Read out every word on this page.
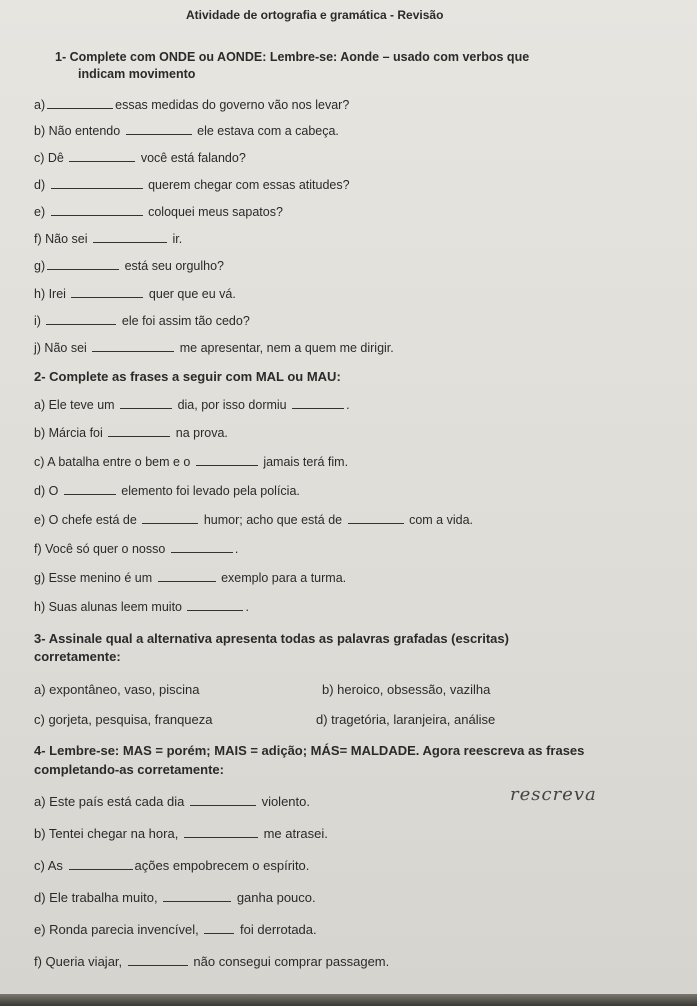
Atividade de ortografia e gramática - Revisão
1- Complete com ONDE ou AONDE: Lembre-se: Aonde – usado com verbos que
indicam movimento
a)	essas medidas do governo vão nos levar?
b) Não entendo	ele estava com a cabeça.
c) Dê	você está falando?
d)	querem chegar com essas atitudes?
e)	coloquei meus sapatos?
f) Não sei	ir.
g)	está seu orgulho?
h) Irei	quer que eu vá.
i)	ele foi assim tão cedo?
j) Não sei	me apresentar, nem a quem me dirigir.
2- Complete as frases a seguir com MAL ou MAU:
a) Ele teve um	dia, por isso dormiu	.
b) Márcia foi	na prova.
c) A batalha entre o bem e o	jamais terá fim.
d) O	elemento foi levado pela polícia.
e) O chefe está de	humor; acho que está de	com a vida.
f) Você só quer o nosso	.
g) Esse menino é um	exemplo para a turma.
h) Suas alunas leem muito	.
3- Assinale qual a alternativa apresenta todas as palavras grafadas (escritas)
corretamente:
a) expontâneo, vaso, piscina	b) heroico, obsessão, vazilha
c) gorjeta, pesquisa, franqueza	d) tragetória, laranjeira, análise
4- Lembre-se: MAS = porém; MAIS = adição; MÁS= MALDADE. Agora reescreva as frases
completando-as corretamente:
rescreva
a) Este país está cada dia	violento.
b) Tentei chegar na hora,	me atrasei.
c) As	ações empobrecem o espírito.
d) Ele trabalha muito,	ganha pouco.
e) Ronda parecia invencível,	foi derrotada.
f) Queria viajar,	não consegui comprar passagem.
